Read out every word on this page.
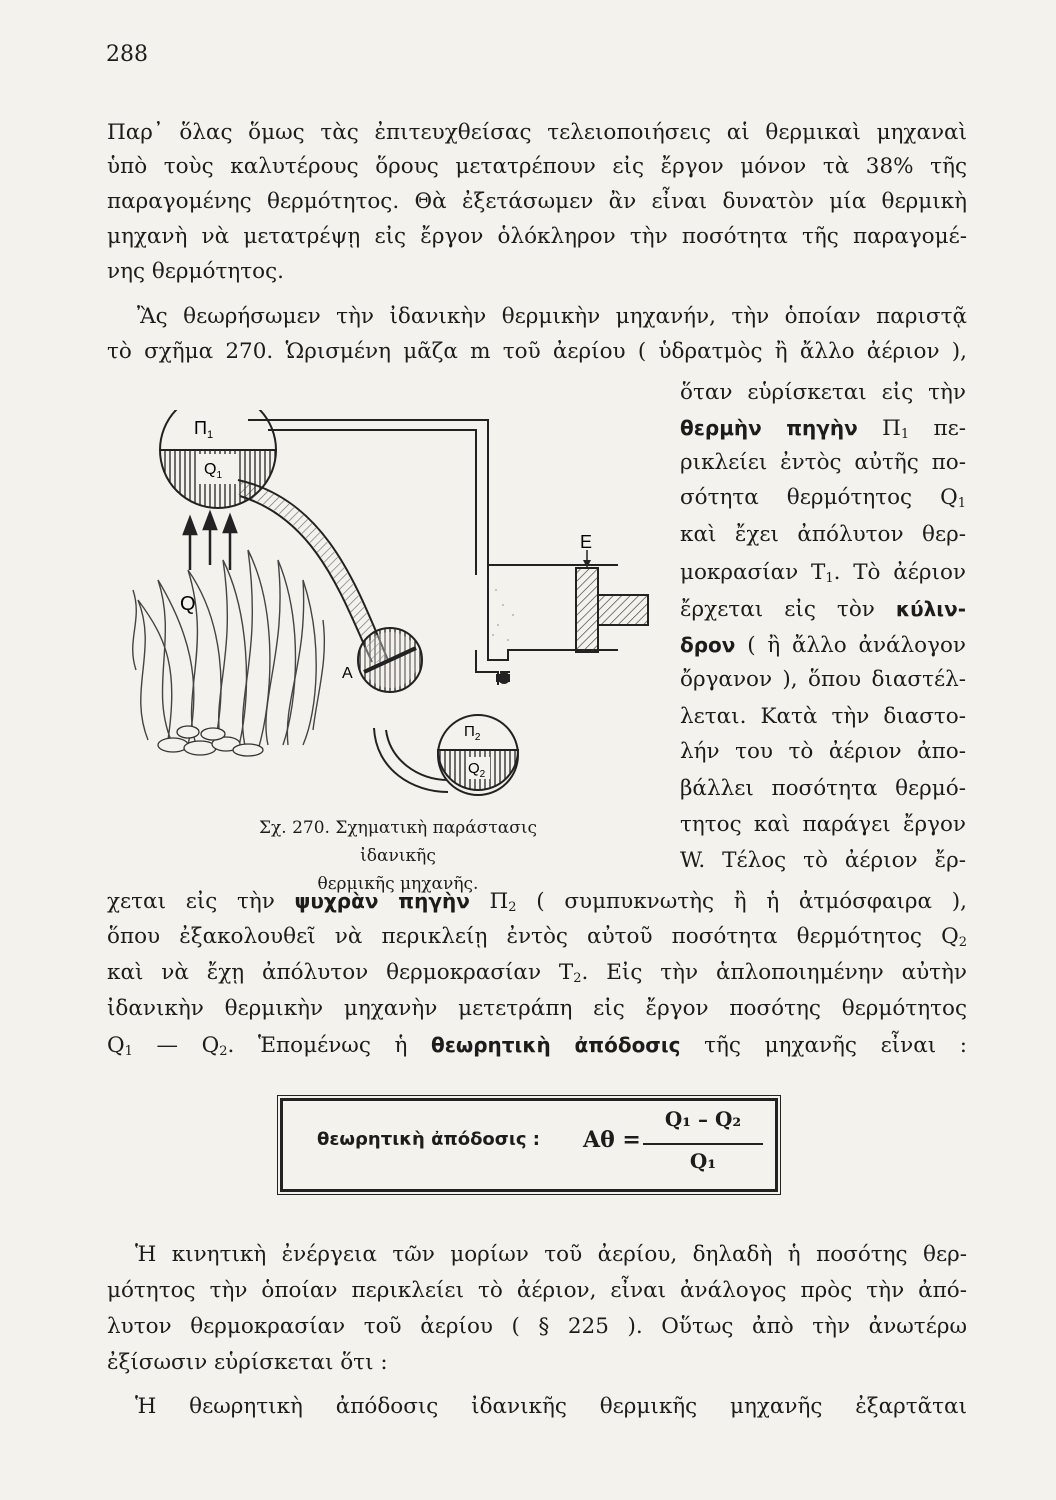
288
Παρ᾽ ὅλας ὅμως τὰς ἐπιτευχθείσας τελειοποιήσεις αἱ θερμικαὶ μηχαναὶ
ὑπὸ τοὺς καλυτέρους ὅρους μετατρέπουν εἰς ἔργον μόνον τὰ 38% τῆς
παραγομένης θερμότητος. Θὰ ἐξετάσωμεν ἂν εἶναι δυνατὸν μία θερμικὴ
μηχανὴ νὰ μετατρέψῃ εἰς ἔργον ὁλόκληρον τὴν ποσότητα τῆς παραγομέ-
νης θερμότητος.
Ἂς θεωρήσωμεν τὴν ἰδανικὴν θερμικὴν μηχανήν, τὴν ὁποίαν παριστᾷ
τὸ σχῆμα 270. Ὡρισμένη μᾶζα m τοῦ ἀερίου ( ὑδρατμὸς ἢ ἄλλο ἀέριον ),
ὅταν εὑρίσκεται εἰς τὴν
θερμὴν πηγὴν $\Pi_1$ πε-
ρικλείει ἐντὸς αὐτῆς πο-
σότητα θερμότητος $Q_1$
καὶ ἔχει ἀπόλυτον θερ-
μοκρασίαν $T_1$. Τὸ ἀέριον
ἔρχεται εἰς τὸν κύλιν-
δρον ( ἢ ἄλλο ἀνάλογον
ὄργανον ), ὅπου διαστέλ-
λεται. Κατὰ τὴν διαστο-
λήν του τὸ ἀέριον ἀπο-
βάλλει ποσότητα θερμό-
τητος καὶ παράγει ἔργον
W. Τέλος τὸ ἀέριον ἔρ-
$\Pi_1$
$Q_1$
Q
A
Ε
$\Pi_2$
$Q_2$
Σχ. 270. Σχηματικὴ παράστασις ἰδανικῆς
θερμικῆς μηχανῆς.
χεται εἰς τὴν ψυχρὰν πηγὴν $\Pi_2$ ( συμπυκνωτὴς ἢ ἡ ἀτμόσφαιρα ),
ὅπου ἐξακολουθεῖ νὰ περικλείῃ ἐντὸς αὐτοῦ ποσότητα θερμότητος $Q_2$
καὶ νὰ ἔχῃ ἀπόλυτον θερμοκρασίαν $T_2$. Εἰς τὴν ἁπλοποιημένην αὐτὴν
ἰδανικὴν θερμικὴν μηχανὴν μετετράπη εἰς ἔργον ποσότης θερμότητος
$Q_1$ — $Q_2$. Ἑπομένως ἡ θεωρητικὴ ἀπόδοσις τῆς μηχανῆς εἶναι :
θεωρητικὴ ἀπόδοσις : Aθ =
Q₁ – Q₂
Q₁
Ἡ κινητικὴ ἐνέργεια τῶν μορίων τοῦ ἀερίου, δηλαδὴ ἡ ποσότης θερ-
μότητος τὴν ὁποίαν περικλείει τὸ ἀέριον, εἶναι ἀνάλογος πρὸς τὴν ἀπό-
λυτον θερμοκρασίαν τοῦ ἀερίου ( § 225 ). Οὕτως ἀπὸ τὴν ἀνωτέρω
ἐξίσωσιν εὑρίσκεται ὅτι :
Ἡ θεωρητικὴ ἀπόδοσις ἰδανικῆς θερμικῆς μηχανῆς ἐξαρτᾶται
